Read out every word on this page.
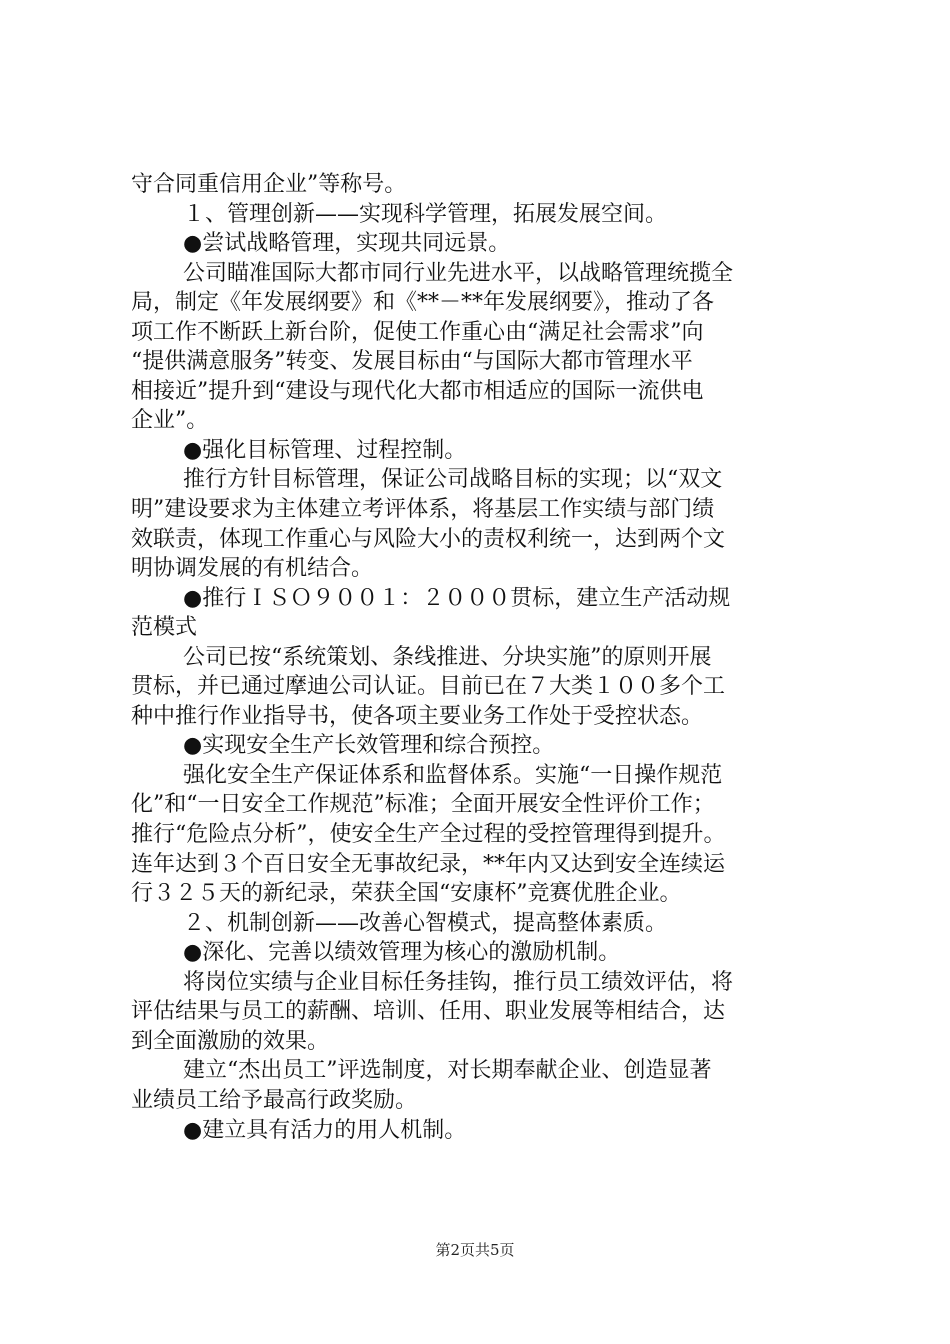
守合同重信用企业”等称号。
１、管理创新——实现科学管理，拓展发展空间。
●尝试战略管理，实现共同远景。
公司瞄准国际大都市同行业先进水平，以战略管理统揽全
局，制定《年发展纲要》和《**－**年发展纲要》，推动了各
项工作不断跃上新台阶，促使工作重心由“满足社会需求”向
“提供满意服务”转变、发展目标由“与国际大都市管理水平
相接近”提升到“建设与现代化大都市相适应的国际一流供电
企业”。
●强化目标管理、过程控制。
推行方针目标管理，保证公司战略目标的实现；以“双文
明”建设要求为主体建立考评体系，将基层工作实绩与部门绩
效联责，体现工作重心与风险大小的责权利统一，达到两个文
明协调发展的有机结合。
●推行ＩＳＯ９００１：２０００贯标，建立生产活动规
范模式
公司已按“系统策划、条线推进、分块实施”的原则开展
贯标，并已通过摩迪公司认证。目前已在７大类１００多个工
种中推行作业指导书，使各项主要业务工作处于受控状态。
●实现安全生产长效管理和综合预控。
强化安全生产保证体系和监督体系。实施“一日操作规范
化”和“一日安全工作规范”标准；全面开展安全性评价工作；
推行“危险点分析”，使安全生产全过程的受控管理得到提升。
连年达到３个百日安全无事故纪录，**年内又达到安全连续运
行３２５天的新纪录，荣获全国“安康杯”竞赛优胜企业。
２、机制创新——改善心智模式，提高整体素质。
●深化、完善以绩效管理为核心的激励机制。
将岗位实绩与企业目标任务挂钩，推行员工绩效评估，将
评估结果与员工的薪酬、培训、任用、职业发展等相结合，达
到全面激励的效果。
建立“杰出员工”评选制度，对长期奉献企业、创造显著
业绩员工给予最高行政奖励。
●建立具有活力的用人机制。
第2页共5页
